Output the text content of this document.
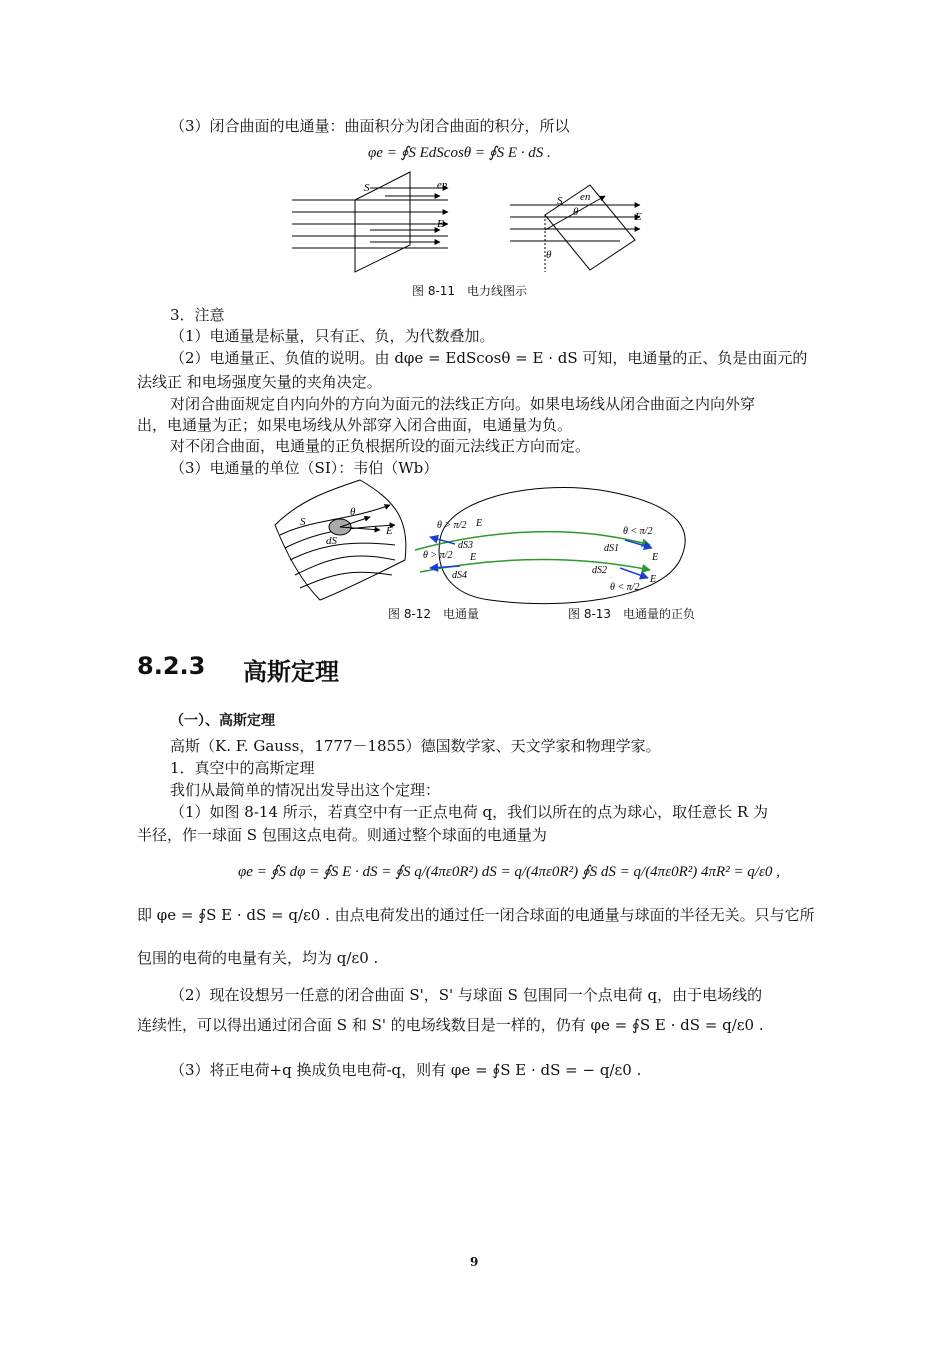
（3）闭合曲面的电通量：曲面积分为闭合曲面的积分，所以
φe = ∮S EdScosθ = ∮S E · dS .
S	en
E
S en
E
θ
θ
S
dS
θ
E	θ > π/2 E
dS3
θ > π/2 E
dS4
θ < π/2
dS1
E
dS2
E
θ < π/2
图 8-11　电力线图示
3．注意
（1）电通量是标量，只有正、负，为代数叠加。
（2）电通量正、负值的说明。由 dφe = EdScosθ = E · dS 可知，电通量的正、负是由面元的
法线正 和电场强度矢量的夹角决定。
对闭合曲面规定自内向外的方向为面元的法线正方向。如果电场线从闭合曲面之内向外穿
出，电通量为正；如果电场线从外部穿入闭合曲面，电通量为负。
对不闭合曲面，电通量的正负根据所设的面元法线正方向而定。
（3）电通量的单位（SI）：韦伯（Wb）
图 8-12　电通量	图 8-13　电通量的正负
8.2.3 高斯定理
（一）、高斯定理
高斯（K. F. Gauss，1777－1855）德国数学家、天文学家和物理学家。
1．真空中的高斯定理
我们从最简单的情况出发导出这个定理：
（1）如图 8-14 所示，若真空中有一正点电荷 q，我们以所在的点为球心，取任意长 R 为
半径，作一球面 S 包围这点电荷。则通过整个球面的电通量为
φe = ∮S dφ = ∮S E · dS = ∮S q/(4πε0R²) dS = q/(4πε0R²) ∮S dS = q/(4πε0R²) 4πR² = q/ε0 ,
即 φe = ∮S E · dS = q/ε0 . 由点电荷发出的通过任一闭合球面的电通量与球面的半径无关。只与它所
包围的电荷的电量有关，均为 q/ε0 .
（2）现在设想另一任意的闭合曲面 S'，S' 与球面 S 包围同一个点电荷 q，由于电场线的
连续性，可以得出通过闭合面 S 和 S' 的电场线数目是一样的，仍有 φe = ∮S E · dS = q/ε0 .
（3）将正电荷+q 换成负电电荷-q，则有 φe = ∮S E · dS = − q/ε0 .
9
